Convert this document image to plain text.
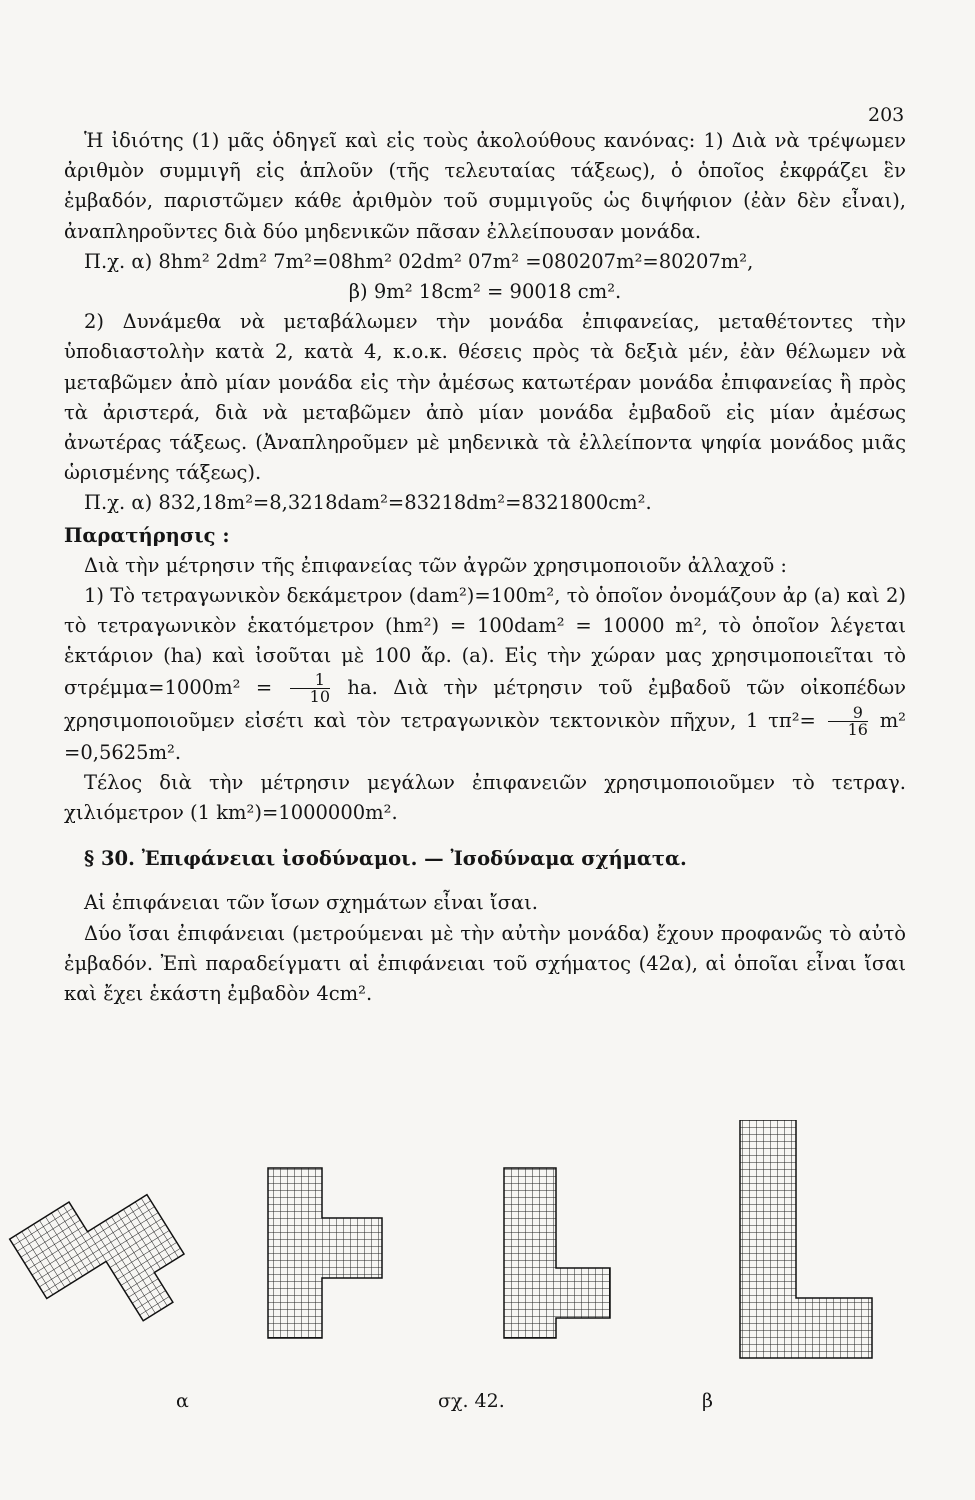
203

Ἡ ἰδιότης (1) μᾶς ὁδηγεῖ καὶ εἰς τοὺς ἀκολούθους κανόνας: 1) Διὰ νὰ τρέψωμεν ἀριθμὸν συμμιγῆ εἰς ἁπλοῦν (τῆς τελευταίας τάξεως), ὁ ὁποῖος ἐκφράζει ἓν ἐμβαδόν, παριστῶμεν κάθε ἀριθμὸν τοῦ συμμιγοῦς ὡς διψήφιον (ἐὰν δὲν εἶναι), ἀναπληροῦντες διὰ δύο μηδενικῶν πᾶσαν ἐλλείπουσαν μονάδα.

Π.χ. α) 8hm² 2dm² 7m²=08hm² 02dm² 07m² =080207m²=80207m²,

β) 9m² 18cm² = 90018 cm².

2) Δυνάμεθα νὰ μεταβάλωμεν τὴν μονάδα ἐπιφανείας, μεταθέτοντες τὴν ὑποδιαστολὴν κατὰ 2, κατὰ 4, κ.ο.κ. θέσεις πρὸς τὰ δεξιὰ μέν, ἐὰν θέλωμεν νὰ μεταβῶμεν ἀπὸ μίαν μονάδα εἰς τὴν ἀμέσως κατωτέραν μονάδα ἐπιφανείας ἢ πρὸς τὰ ἀριστερά, διὰ νὰ μεταβῶμεν ἀπὸ μίαν μονάδα ἐμβαδοῦ εἰς μίαν ἀμέσως ἀνωτέρας τάξεως. (Ἀναπληροῦμεν μὲ μηδενικὰ τὰ ἐλλείποντα ψηφία μονάδος μιᾶς ὡρισμένης τάξεως).

Π.χ. α) 832,18m²=8,3218dam²=83218dm²=8321800cm².

Παρατήρησις :

Διὰ τὴν μέτρησιν τῆς ἐπιφανείας τῶν ἀγρῶν χρησιμοποιοῦν ἀλλαχοῦ :

1) Τὸ τετραγωνικὸν δεκάμετρον (dam²)=100m², τὸ ὁποῖον ὀνομάζουν ἀρ (a) καὶ 2) τὸ τετραγωνικὸν ἑκατόμετρον (hm²) = 100dam² = 10000 m², τὸ ὁποῖον λέγεται ἑκτάριον (ha) καὶ ἰσοῦται μὲ 100 ἄρ. (a). Εἰς τὴν χώραν μας χρησιμοποιεῖται τὸ $\sigma\tau\rho έ\mu\mu\alpha=1000m^2 = \frac{1}{10}$ ha. Διὰ τὴν μέτρησιν τοῦ ἐμβαδοῦ τῶν οἰκοπέδων χρησιμοποιοῦμεν εἰσέτι καὶ τὸν τετραγωνικὸν τεκτονικὸν πῆχυν, 1 $\tau\pi^2= \frac{9}{16} m^2 =0,5625m^2$.

Τέλος διὰ τὴν μέτρησιν μεγάλων ἐπιφανειῶν χρησιμοποιοῦμεν τὸ τετραγ. χιλιόμετρον (1 km²)=1000000m².

§ 30. Ἐπιφάνειαι ἰσοδύναμοι. — Ἰσοδύναμα σχήματα.

Αἱ ἐπιφάνειαι τῶν ἴσων σχημάτων εἶναι ἴσαι.

Δύο ἴσαι ἐπιφάνειαι (μετρούμεναι μὲ τὴν αὐτὴν μονάδα) ἔχουν προφανῶς τὸ αὐτὸ ἐμβαδόν. Ἐπὶ παραδείγματι αἱ ἐπιφάνειαι τοῦ σχήματος (42α), αἱ ὁποῖαι εἶναι ἴσαι καὶ ἔχει ἑκάστη ἐμβαδὸν 4cm².

α	σχ. 42.	β
